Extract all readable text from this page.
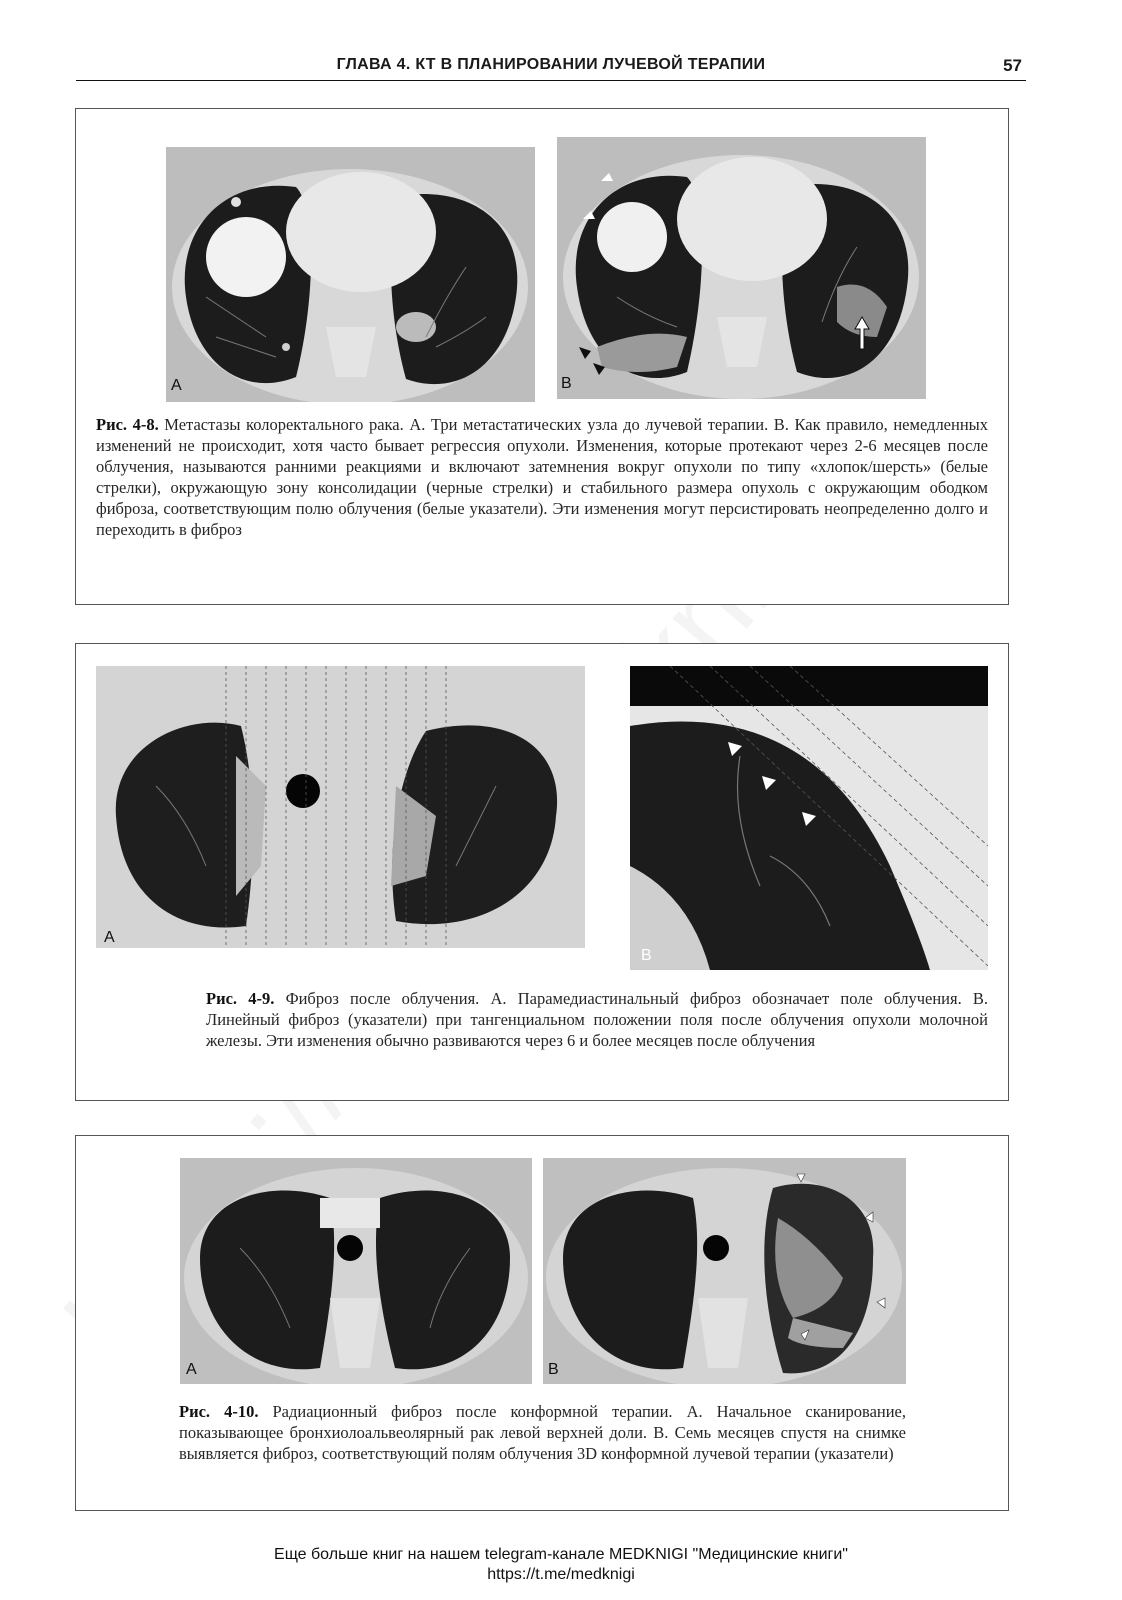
ГЛАВА 4. КТ В ПЛАНИРОВАНИИ ЛУЧЕВОЙ ТЕРАПИИ	57
A	B
Рис. 4-8. Метастазы колоректального рака. А. Три метастатических узла до лучевой терапии. В. Как правило, немедленных изменений не происходит, хотя часто бывает регрессия опухоли. Изменения, которые протекают через 2-6 месяцев после облучения, называются ранними реакциями и включают затемнения вокруг опухоли по типу «хлопок/шерсть» (белые стрелки), окружающую зону консолидации (черные стрелки) и стабильного размера опухоль с окружающим ободком фиброза, соответствующим полю облучения (белые указатели). Эти изменения могут персистировать неопределенно долго и переходить в фиброз
A
B
Рис. 4-9. Фиброз после облучения. А. Парамедиастинальный фиброз обозначает поле облучения. В. Линейный фиброз (указатели) при тангенциальном положении поля после облучения опухоли молочной железы. Эти изменения обычно развиваются через 6 и более месяцев после облучения
A	B
Рис. 4-10. Радиационный фиброз после конформной терапии. А. Начальное сканирование, показывающее бронхиолоальвеолярный рак левой верхней доли. В. Семь месяцев спустя на снимке выявляется фиброз, соответствующий полям облучения 3D конформной лучевой терапии (указатели)
Еще больше книг на нашем telegram-канале MEDKNIGI "Медицинские книги"
https://t.me/medknigi
